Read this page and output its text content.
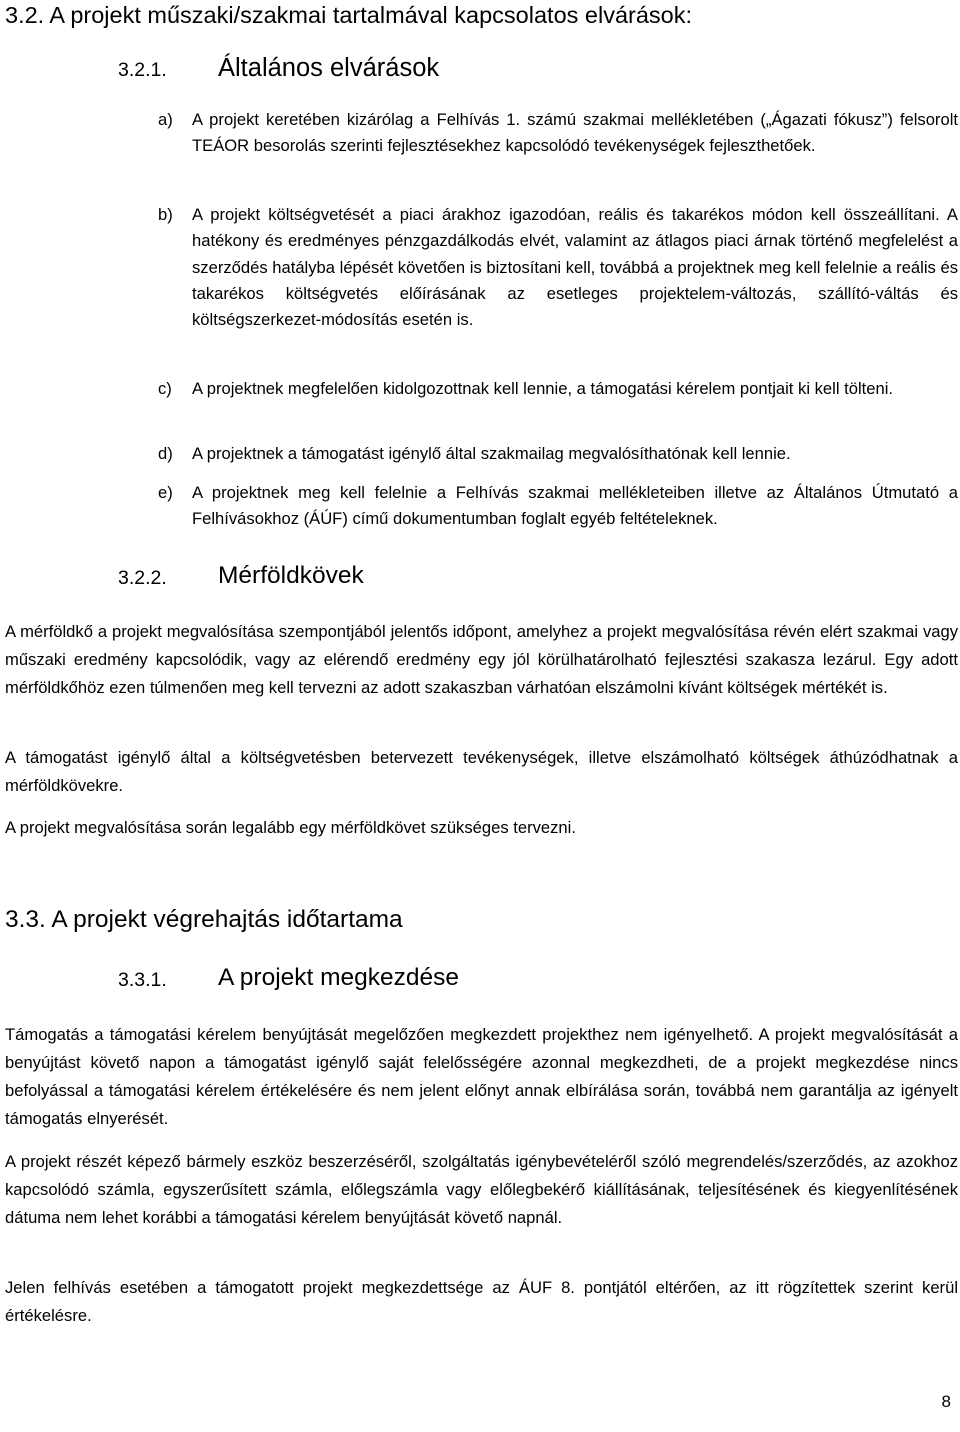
3.2. A projekt műszaki/szakmai tartalmával kapcsolatos elvárások:
3.2.1. Általános elvárások
a) A projekt keretében kizárólag a Felhívás 1. számú szakmai mellékletében („Ágazati fókusz”) felsorolt TEÁOR besorolás szerinti fejlesztésekhez kapcsolódó tevékenységek fejleszthetőek.
b) A projekt költségvetését a piaci árakhoz igazodóan, reális és takarékos módon kell összeállítani. A hatékony és eredményes pénzgazdálkodás elvét, valamint az átlagos piaci árnak történő megfelelést a szerződés hatályba lépését követően is biztosítani kell, továbbá a projektnek meg kell felelnie a reális és takarékos költségvetés előírásának az esetleges projektelem-változás, szállító-váltás és költségszerkezet-módosítás esetén is.
c) A projektnek megfelelően kidolgozottnak kell lennie, a támogatási kérelem pontjait ki kell tölteni.
d) A projektnek a támogatást igénylő által szakmailag megvalósíthatónak kell lennie.
e) A projektnek meg kell felelnie a Felhívás szakmai mellékleteiben illetve az Általános Útmutató a Felhívásokhoz (ÁÚF) című dokumentumban foglalt egyéb feltételeknek.
3.2.2. Mérföldkövek
A mérföldkő a projekt megvalósítása szempontjából jelentős időpont, amelyhez a projekt megvalósítása révén elért szakmai vagy műszaki eredmény kapcsolódik, vagy az elérendő eredmény egy jól körülhatárolható fejlesztési szakasza lezárul. Egy adott mérföldkőhöz ezen túlmenően meg kell tervezni az adott szakaszban várhatóan elszámolni kívánt költségek mértékét is.
A támogatást igénylő által a költségvetésben betervezett tevékenységek, illetve elszámolható költségek áthúzódhatnak a mérföldkövekre.
A projekt megvalósítása során legalább egy mérföldkövet szükséges tervezni.
3.3. A projekt végrehajtás időtartama
3.3.1. A projekt megkezdése
Támogatás a támogatási kérelem benyújtását megelőzően megkezdett projekthez nem igényelhető. A projekt megvalósítását a benyújtást követő napon a támogatást igénylő saját felelősségére azonnal megkezdheti, de a projekt megkezdése nincs befolyással a támogatási kérelem értékelésére és nem jelent előnyt annak elbírálása során, továbbá nem garantálja az igényelt támogatás elnyerését.
A projekt részét képező bármely eszköz beszerzéséről, szolgáltatás igénybevételéről szóló megrendelés/szerződés, az azokhoz kapcsolódó számla, egyszerűsített számla, előlegszámla vagy előlegbekérő kiállításának, teljesítésének és kiegyenlítésének dátuma nem lehet korábbi a támogatási kérelem benyújtását követő napnál.
Jelen felhívás esetében a támogatott projekt megkezdettsége az ÁUF 8. pontjától eltérően, az itt rögzítettek szerint kerül értékelésre.
8
